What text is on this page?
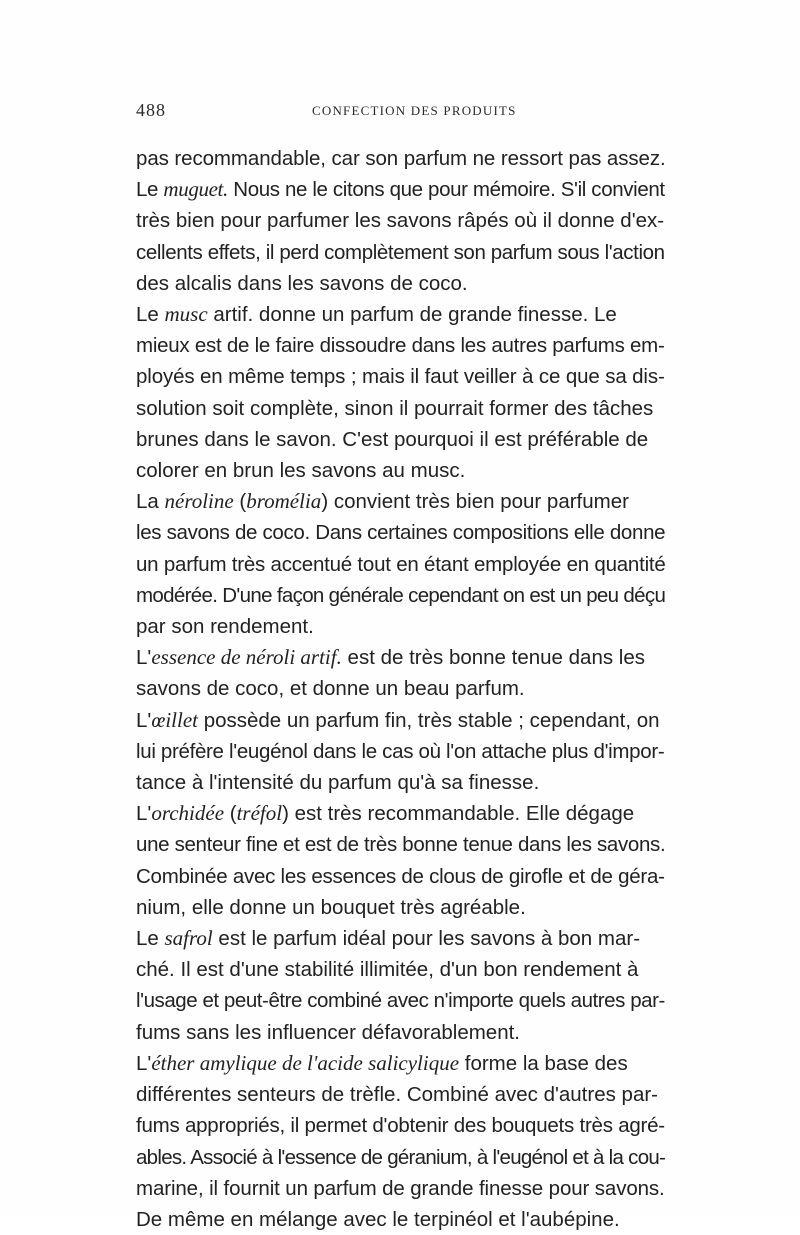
488	CONFECTION DES PRODUITS

pas recommandable, car son parfum ne ressort pas assez.

Le muguet. Nous ne le citons que pour mémoire. S'il convient
très bien pour parfumer les savons râpés où il donne d'ex-
cellents effets, il perd complètement son parfum sous l'action
des alcalis dans les savons de coco.

Le musc artif. donne un parfum de grande finesse. Le
mieux est de le faire dissoudre dans les autres parfums em-
ployés en même temps ; mais il faut veiller à ce que sa dis-
solution soit complète, sinon il pourrait former des tâches
brunes dans le savon. C'est pourquoi il est préférable de
colorer en brun les savons au musc.

La néroline (bromélia) convient très bien pour parfumer
les savons de coco. Dans certaines compositions elle donne
un parfum très accentué tout en étant employée en quantité
modérée. D'une façon générale cependant on est un peu déçu
par son rendement.

L'essence de néroli artif. est de très bonne tenue dans les
savons de coco, et donne un beau parfum.

L'œillet possède un parfum fin, très stable ; cependant, on
lui préfère l'eugénol dans le cas où l'on attache plus d'impor-
tance à l'intensité du parfum qu'à sa finesse.

L'orchidée (tréfol) est très recommandable. Elle dégage
une senteur fine et est de très bonne tenue dans les savons.
Combinée avec les essences de clous de girofle et de géra-
nium, elle donne un bouquet très agréable.

Le safrol est le parfum idéal pour les savons à bon mar-
ché. Il est d'une stabilité illimitée, d'un bon rendement à
l'usage et peut-être combiné avec n'importe quels autres par-
fums sans les influencer défavorablement.

L'éther amylique de l'acide salicylique forme la base des
différentes senteurs de trèfle. Combiné avec d'autres par-
fums appropriés, il permet d'obtenir des bouquets très agré-
ables. Associé à l'essence de géranium, à l'eugénol et à la cou-
marine, il fournit un parfum de grande finesse pour savons.
De même en mélange avec le terpinéol et l'aubépine.
